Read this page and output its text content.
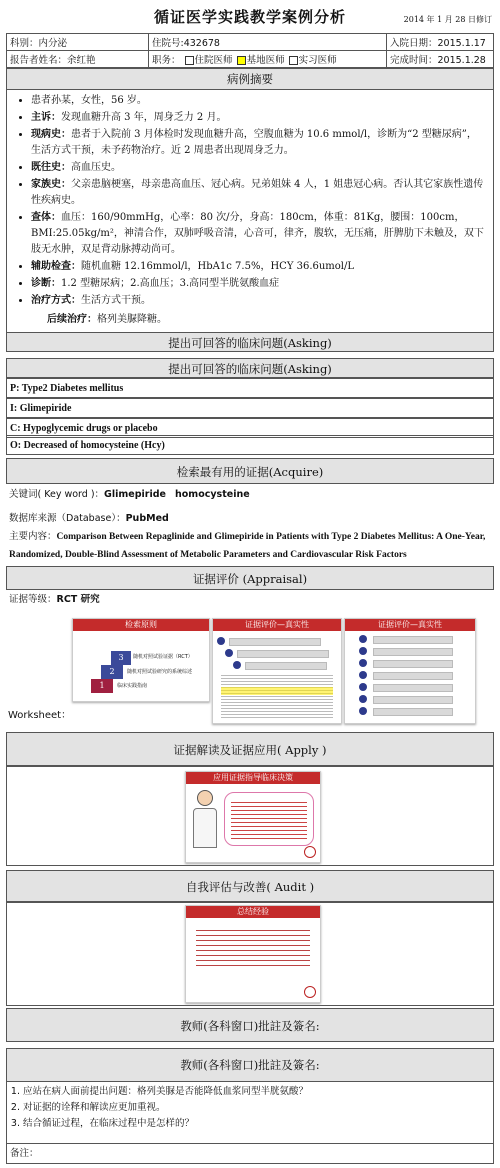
循证医学实践教学案例分析	2014 年 1 月 28 日修订
科别：内分泌	住院号:432678	入院日期：2015.1.17
报告者姓名：余红艳	职务： 住院医师 基地医师 实习医师	完成时间：2015.1.28
病例摘要
• 患者孙某，女性，56 岁。
• 主诉：发现血糖升高 3 年，周身乏力 2 月。
• 现病史：患者于入院前 3 月体检时发现血糖升高，空腹血糖为 10.6 mmol/l，诊断为“2 型糖尿病”，生活方式干预，未予药物治疗。近 2 周患者出现周身乏力。
• 既往史：高血压史。
• 家族史：父亲患脑梗塞，母亲患高血压、冠心病。兄弟姐妹 4 人，1 姐患冠心病。否认其它家族性遗传性疾病史。
• 查体：血压：160/90mmHg，心率：80 次/分，身高：180cm，体重：81Kg，腰围：100cm，BMI:25.05kg/m²，神清合作，双肺呼吸音清，心音可，律齐，腹软，无压痛，肝脾肋下未触及，双下肢无水肿，双足背动脉搏动尚可。
• 辅助检查：随机血糖 12.16mmol/l，HbA1c 7.5%，HCY 36.6umol/L
• 诊断：1.2 型糖尿病；2.高血压；3.高同型半胱氨酸血症
• 治疗方式：生活方式干预。
后续治疗：格列美脲降糖。
提出可回答的临床问题(Asking)
提出可回答的临床问题(Asking)
P: Type2 Diabetes mellitus
I: Glimepiride
C: Hypoglycemic drugs or placebo
O: Decreased of homocysteine (Hcy)
检索最有用的证据(Acquire)
关键词( Key word )：Glimepiride homocysteine
数据库来源（Database）：PubMed
主要内容：Comparison Between Repaglinide and Glimepiride in Patients with Type 2 Diabetes Mellitus: A One-Year, Randomized, Double-Blind Assessment of Metabolic Parameters and Cardiovascular Risk Factors
证据评价 (Appraisal)
证据等级：RCT 研究
Worksheet：
检索原则
3
2
1
随机对照试验证据（RCT）
随机对照试验研究的系统综述
临床实践指南
证据评价—真实性	证据评价—真实性
证据解读及证据应用( Apply )
应用证据指导临床决策
自我评估与改善( Audit )
总结经验
教师(各科窗口)批註及簽名:
教师(各科窗口)批註及簽名:
1. 应站在病人面前提出问题：格列美脲是否能降低血浆同型半胱氨酸？
2. 对证据的诠释和解读应更加重视。
3. 结合循证过程，在临床过程中是怎样的？
备注：
